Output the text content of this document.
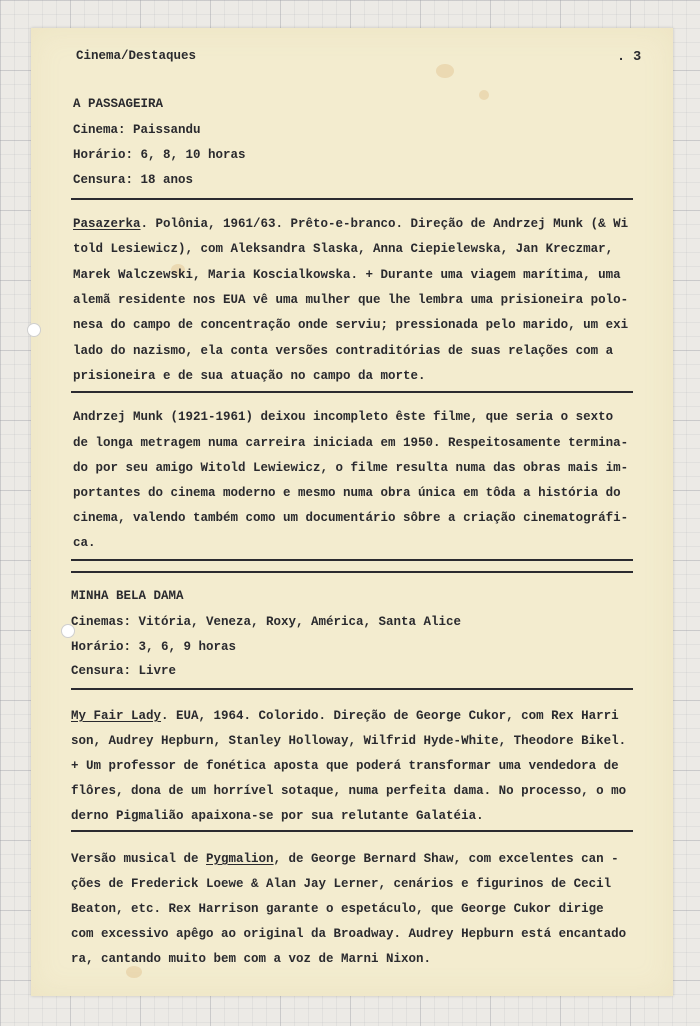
Cinema/Destaques	. 3
A PASSAGEIRA
Cinema: Paissandu
Horário: 6, 8, 10 horas
Censura: 18 anos
Pasazerka. Polônia, 1961/63. Prêto-e-branco. Direção de Andrzej Munk (& Wi
told Lesiewicz), com Aleksandra Slaska, Anna Ciepielewska, Jan Kreczmar,
Marek Walczewski, Maria Koscialkowska. + Durante uma viagem marítima, uma
alemã residente nos EUA vê uma mulher que lhe lembra uma prisioneira polo-
nesa do campo de concentração onde serviu; pressionada pelo marido, um exi
lado do nazismo, ela conta versões contraditórias de suas relações com a
prisioneira e de sua atuação no campo da morte.
Andrzej Munk (1921-1961) deixou incompleto êste filme, que seria o sexto
de longa metragem numa carreira iniciada em 1950. Respeitosamente termina-
do por seu amigo Witold Lewiewicz, o filme resulta numa das obras mais im-
portantes do cinema moderno e mesmo numa obra única em tôda a história do
cinema, valendo também como um documentário sôbre a criação cinematográfi-
ca.
MINHA BELA DAMA
Cinemas: Vitória, Veneza, Roxy, América, Santa Alice
Horário: 3, 6, 9 horas
Censura: Livre
My Fair Lady. EUA, 1964. Colorido. Direção de George Cukor, com Rex Harri
son, Audrey Hepburn, Stanley Holloway, Wilfrid Hyde-White, Theodore Bikel.
+ Um professor de fonética aposta que poderá transformar uma vendedora de
flôres, dona de um horrível sotaque, numa perfeita dama. No processo, o mo
derno Pigmalião apaixona-se por sua relutante Galatéia.
Versão musical de Pygmalion, de George Bernard Shaw, com excelentes can -
ções de Frederick Loewe & Alan Jay Lerner, cenários e figurinos de Cecil
Beaton, etc. Rex Harrison garante o espetáculo, que George Cukor dirige
com excessivo apêgo ao original da Broadway. Audrey Hepburn está encantado
ra, cantando muito bem com a voz de Marni Nixon.
